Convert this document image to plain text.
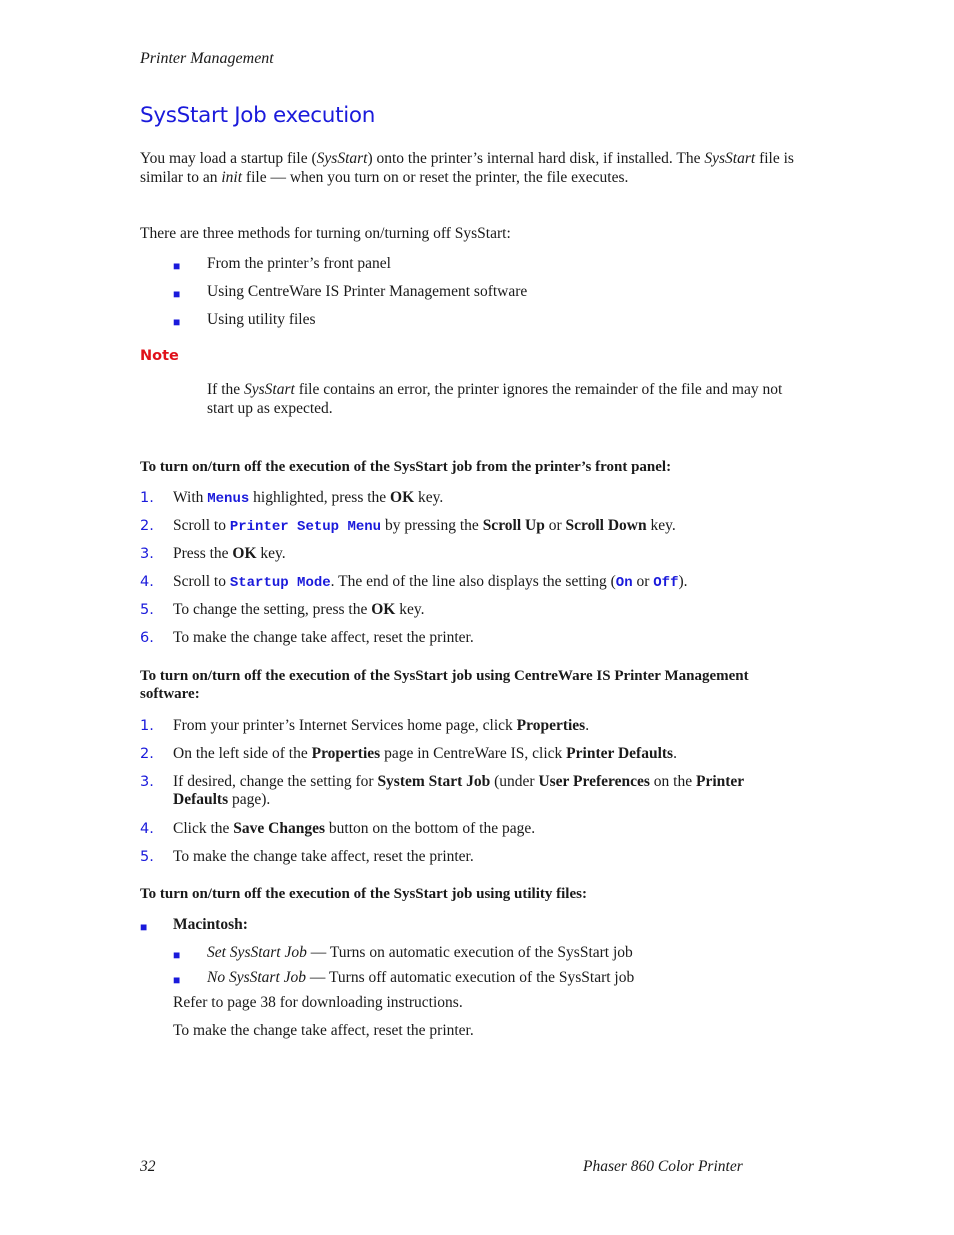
Printer Management
SysStart Job execution
You may load a startup file (SysStart) onto the printer’s internal hard disk, if installed. The SysStart file is similar to an init file — when you turn on or reset the printer, the file executes.
There are three methods for turning on/turning off SysStart:
■ From the printer’s front panel
■ Using CentreWare IS Printer Management software
■ Using utility files
Note
If the SysStart file contains an error, the printer ignores the remainder of the file and may not start up as expected.
To turn on/turn off the execution of the SysStart job from the printer’s front panel:
1. With Menus highlighted, press the OK key.
2. Scroll to Printer Setup Menu by pressing the Scroll Up or Scroll Down key.
3. Press the OK key.
4. Scroll to Startup Mode. The end of the line also displays the setting (On or Off).
5. To change the setting, press the OK key.
6. To make the change take affect, reset the printer.
To turn on/turn off the execution of the SysStart job using CentreWare IS Printer Management software:
1. From your printer’s Internet Services home page, click Properties.
2. On the left side of the Properties page in CentreWare IS, click Printer Defaults.
3. If desired, change the setting for System Start Job (under User Preferences on the Printer Defaults page).
4. Click the Save Changes button on the bottom of the page.
5. To make the change take affect, reset the printer.
To turn on/turn off the execution of the SysStart job using utility files:
■ Macintosh:
■ Set SysStart Job — Turns on automatic execution of the SysStart job
■ No SysStart Job — Turns off automatic execution of the SysStart job
Refer to page 38 for downloading instructions.
To make the change take affect, reset the printer.
32	Phaser 860 Color Printer
